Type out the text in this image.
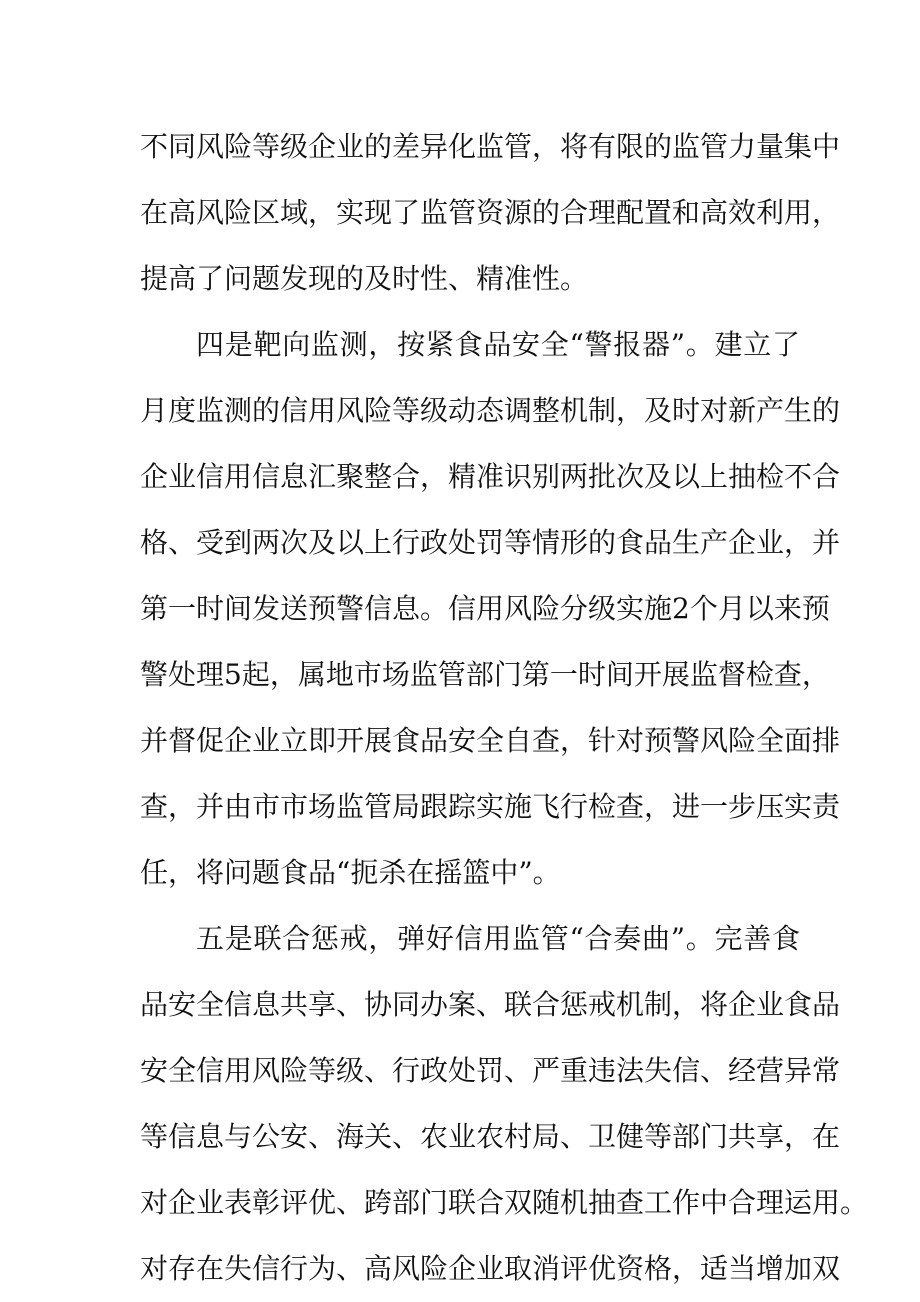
不同风险等级企业的差异化监管，将有限的监管力量集中
在高风险区域，实现了监管资源的合理配置和高效利用，
提高了问题发现的及时性、精准性。
四是靶向监测，按紧食品安全“警报器”。建立了
月度监测的信用风险等级动态调整机制，及时对新产生的
企业信用信息汇聚整合，精准识别两批次及以上抽检不合
格、受到两次及以上行政处罚等情形的食品生产企业，并
第一时间发送预警信息。信用风险分级实施2个月以来预
警处理5起，属地市场监管部门第一时间开展监督检查，
并督促企业立即开展食品安全自查，针对预警风险全面排
查，并由市市场监管局跟踪实施飞行检查，进一步压实责
任，将问题食品“扼杀在摇篮中”。
五是联合惩戒，弹好信用监管“合奏曲”。完善食
品安全信息共享、协同办案、联合惩戒机制，将企业食品
安全信用风险等级、行政处罚、严重违法失信、经营异常
等信息与公安、海关、农业农村局、卫健等部门共享，在
对企业表彰评优、跨部门联合双随机抽查工作中合理运用。
对存在失信行为、高风险企业取消评优资格，适当增加双
